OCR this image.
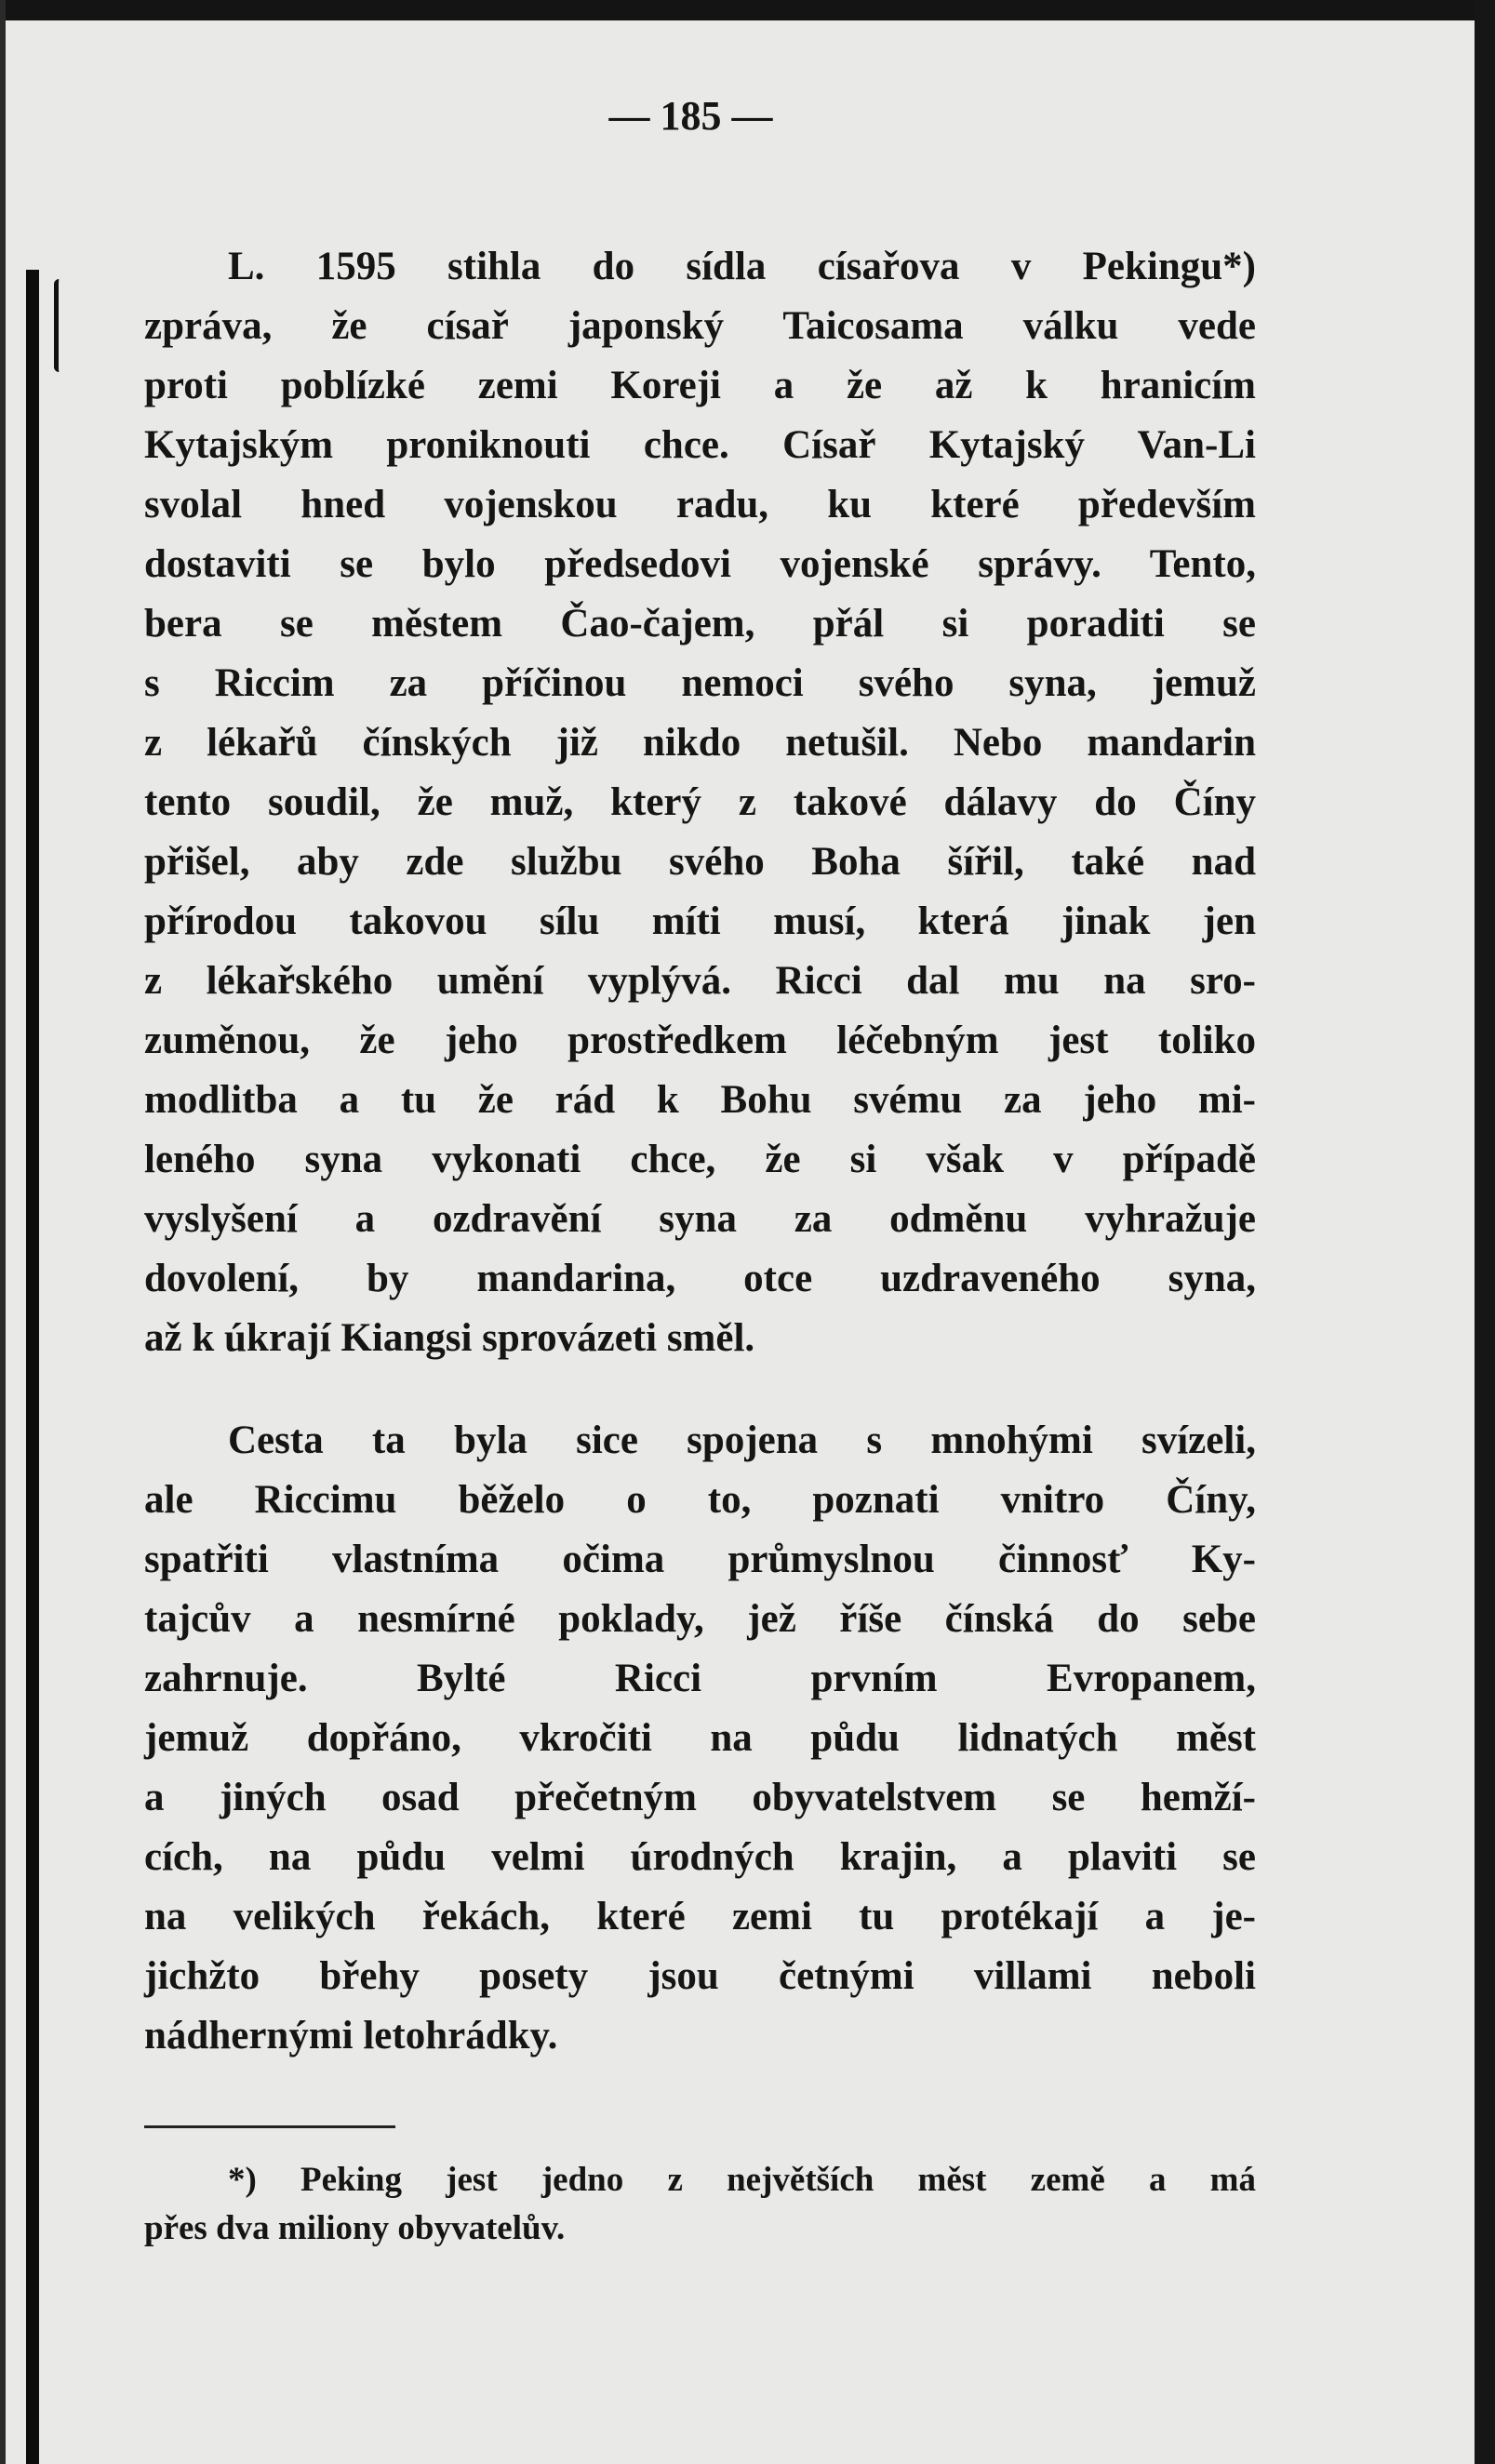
— 185 —
L. 1595 stihla do sídla císařova v Pekingu*)
zpráva, že císař japonský Taicosama válku vede
proti poblízké zemi Koreji a že až k hranicím
Kytajským proniknouti chce. Císař Kytajský Van-Li
svolal hned vojenskou radu, ku které především
dostaviti se bylo předsedovi vojenské správy. Tento,
bera se městem Čao-čajem, přál si poraditi se
s Riccim za příčinou nemoci svého syna, jemuž
z lékařů čínských již nikdo netušil. Nebo mandarin
tento soudil, že muž, který z takové dálavy do Číny
přišel, aby zde službu svého Boha šířil, také nad
přírodou takovou sílu míti musí, která jinak jen
z lékařského umění vyplývá. Ricci dal mu na sro-
zuměnou, že jeho prostředkem léčebným jest toliko
modlitba a tu že rád k Bohu svému za jeho mi-
leného syna vykonati chce, že si však v případě
vyslyšení a ozdravění syna za odměnu vyhražuje
dovolení, by mandarina, otce uzdraveného syna,
až k úkrají Kiangsi sprovázeti směl.
Cesta ta byla sice spojena s mnohými svízeli,
ale Riccimu běželo o to, poznati vnitro Číny,
spatřiti vlastníma očima průmyslnou činnosť Ky-
tajcův a nesmírné poklady, jež říše čínská do sebe
zahrnuje. Bylté Ricci prvním Evropanem,
jemuž dopřáno, vkročiti na půdu lidnatých měst
a jiných osad přečetným obyvatelstvem se hemží-
cích, na půdu velmi úrodných krajin, a plaviti se
na velikých řekách, které zemi tu protékají a je-
jichžto břehy posety jsou četnými villami neboli
nádhernými letohrádky.
*) Peking jest jedno z největších měst země a má
přes dva miliony obyvatelův.
